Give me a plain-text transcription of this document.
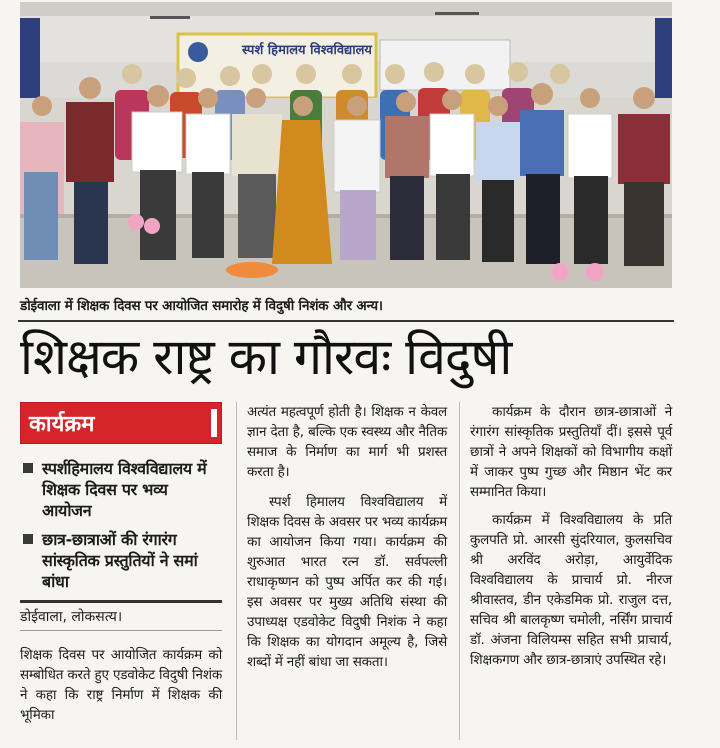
स्पर्श हिमालय विश्वविद्यालय
डोईवाला में शिक्षक दिवस पर आयोजित समारोह में विदुषी निशंक और अन्य।
शिक्षक राष्ट्र का गौरवः विदुषी
कार्यक्रम
स्पर्शहिमालय विश्वविद्यालय में शिक्षक दिवस पर भव्य आयोजन
छात्र-छात्राओं की रंगारंग सांस्कृतिक प्रस्तुतियों ने समां बांधा
डोईवाला, लोकसत्य।
शिक्षक दिवस पर आयोजित कार्यक्रम को सम्बोधित करते हुए एडवोकेट विदुषी निशंक ने कहा कि राष्ट्र निर्माण में शिक्षक की भूमिका
अत्यंत महत्वपूर्ण होती है। शिक्षक न केवल ज्ञान देता है, बल्कि एक स्वस्थ्य और नैतिक समाज के निर्माण का मार्ग भी प्रशस्त करता है।
स्पर्श हिमालय विश्वविद्यालय में शिक्षक दिवस के अवसर पर भव्य कार्यक्रम का आयोजन किया गया। कार्यक्रम की शुरुआत भारत रत्न डॉ. सर्वपल्ली राधाकृष्णन को पुष्प अर्पित कर की गई। इस अवसर पर मुख्य अतिथि संस्था की उपाध्यक्ष एडवोकेट विदुषी निशंक ने कहा कि शिक्षक का योगदान अमूल्य है, जिसे शब्दों में नहीं बांधा जा सकता।
कार्यक्रम के दौरान छात्र-छात्राओं ने रंगारंग सांस्कृतिक प्रस्तुतियाँ दीं। इससे पूर्व छात्रों ने अपने शिक्षकों को विभागीय कक्षों में जाकर पुष्प गुच्छ और मिष्ठान भेंट कर सम्मानित किया।
कार्यक्रम में विश्वविद्यालय के प्रति कुलपति प्रो. आरसी सुंदरियाल, कुलसचिव श्री अरविंद अरोड़ा, आयुर्वेदिक विश्वविद्यालय के प्राचार्य प्रो. नीरज श्रीवास्तव, डीन एकेडमिक प्रो. राजुल दत्त, सचिव श्री बालकृष्ण चमोली, नर्सिंग प्राचार्य डॉ. अंजना विलियम्स सहित सभी प्राचार्य, शिक्षकगण और छात्र-छात्राएं उपस्थित रहे।
